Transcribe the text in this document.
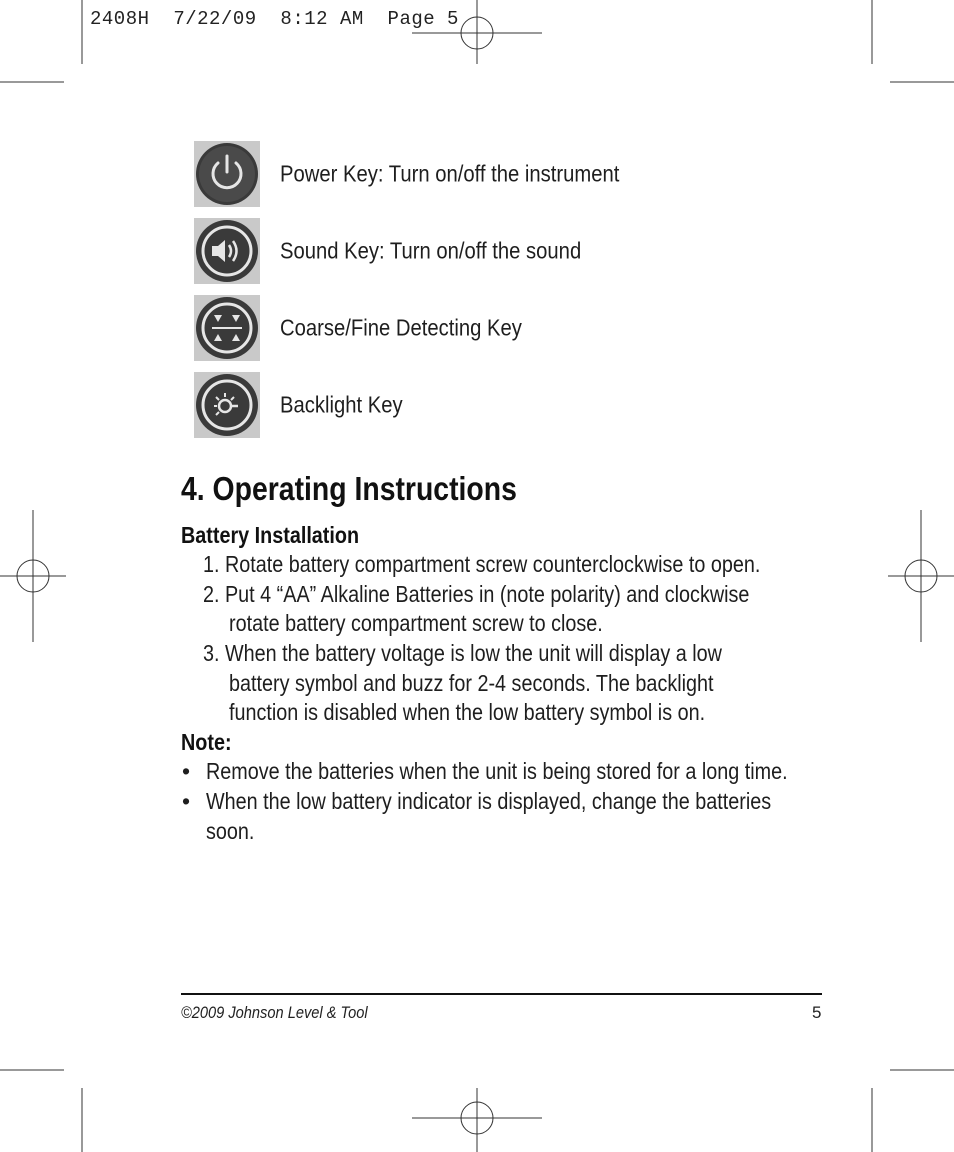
2408H  7/22/09  8:12 AM  Page 5
Power Key: Turn on/off the instrument
Sound Key: Turn on/off the sound
Coarse/Fine Detecting Key
Backlight Key
4. Operating Instructions
Battery Installation
1. Rotate battery compartment screw counterclockwise to open.
2. Put 4 “AA” Alkaline Batteries in (note polarity) and clockwise
rotate battery compartment screw to close.
3. When the battery voltage is low the unit will display a low
battery symbol and buzz for 2-4 seconds. The backlight
function is disabled when the low battery symbol is on.
Note:
• Remove the batteries when the unit is being stored for a long time.
• When the low battery indicator is displayed, change the batteries
soon.
©2009 Johnson Level & Tool	5
